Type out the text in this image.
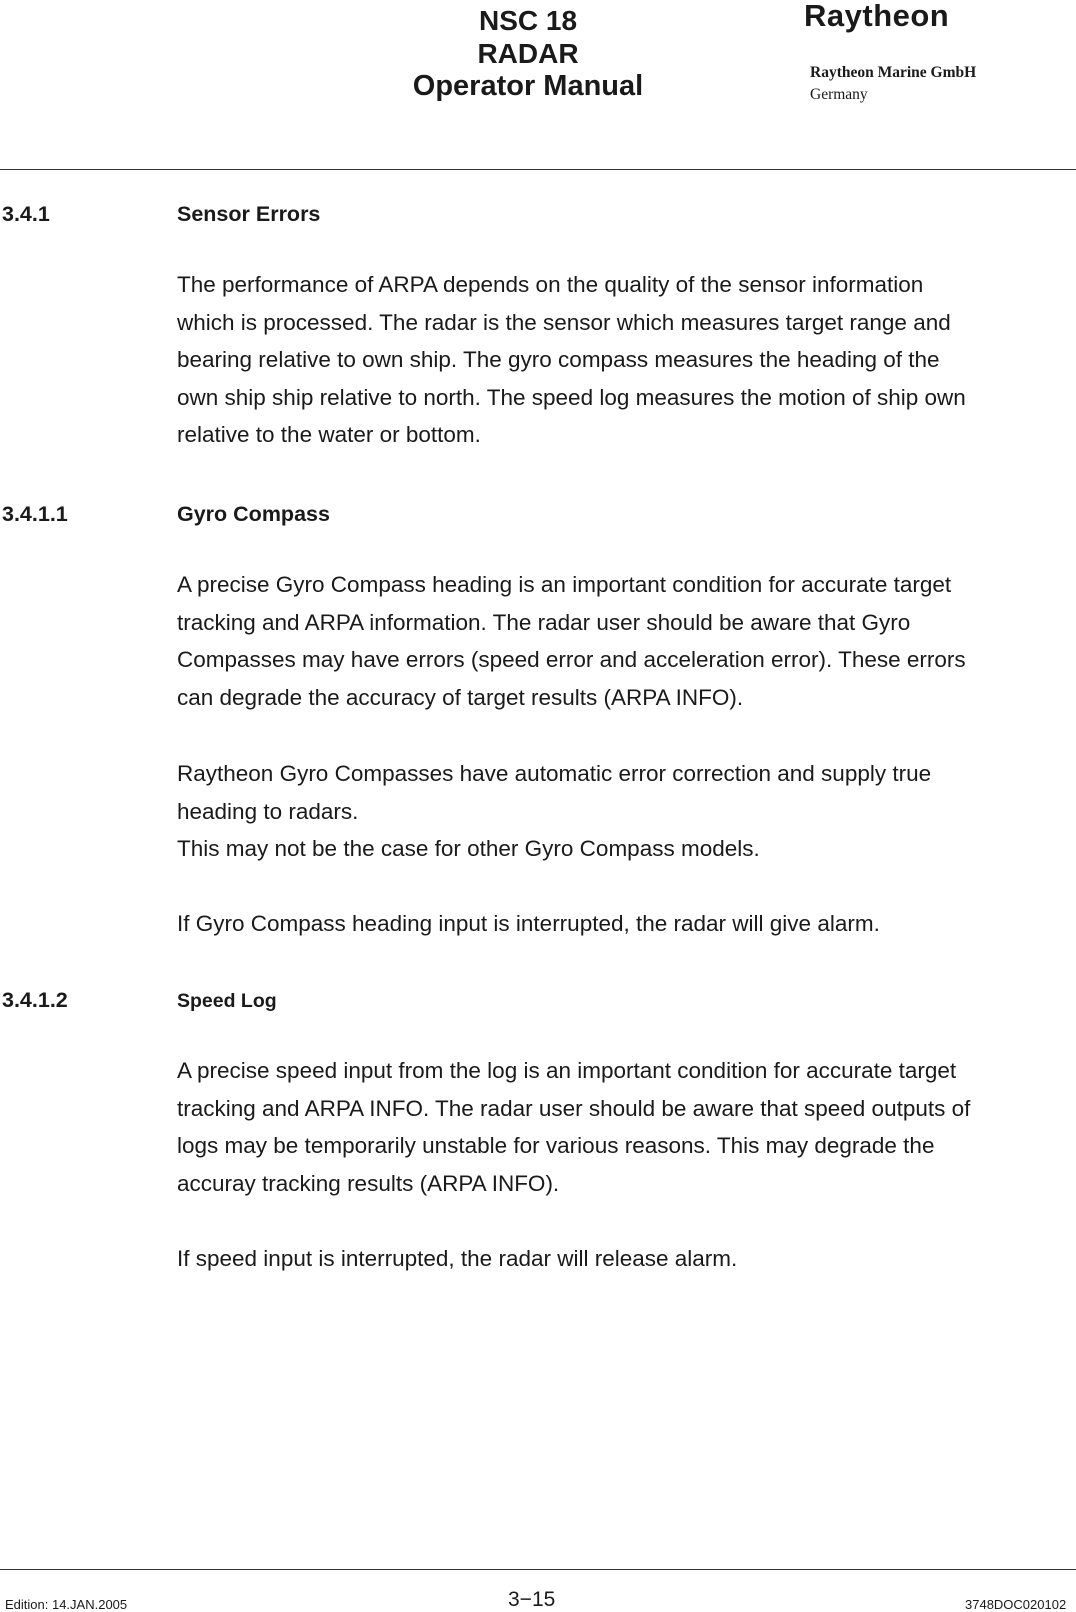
NSC 18
RADAR
Operator Manual
Raytheon
Raytheon Marine GmbH
Germany
3.4.1	Sensor Errors
The performance of ARPA depends on the quality of the sensor information
which is processed. The radar is the sensor which measures target range and
bearing relative to own ship. The gyro compass measures the heading of the
own ship ship relative to north. The speed log measures the motion of ship own
relative to the water or bottom.
3.4.1.1	Gyro Compass
A precise Gyro Compass heading is an important condition for accurate target
tracking and ARPA information. The radar user should be aware that Gyro
Compasses may have errors (speed error and acceleration error). These errors
can degrade the accuracy of target results (ARPA INFO).
Raytheon Gyro Compasses have automatic error correction and supply true
heading to radars.
This may not be the case for other Gyro Compass models.
If Gyro Compass heading input is interrupted, the radar will give alarm.
3.4.1.2	Speed Log
A precise speed input from the log is an important condition for accurate target
tracking and ARPA INFO. The radar user should be aware that speed outputs of
logs may be temporarily unstable for various reasons. This may degrade the
accuray tracking results (ARPA INFO).
If speed input is interrupted, the radar will release alarm.
Edition: 14.JAN.2005	3−15	3748DOC020102
